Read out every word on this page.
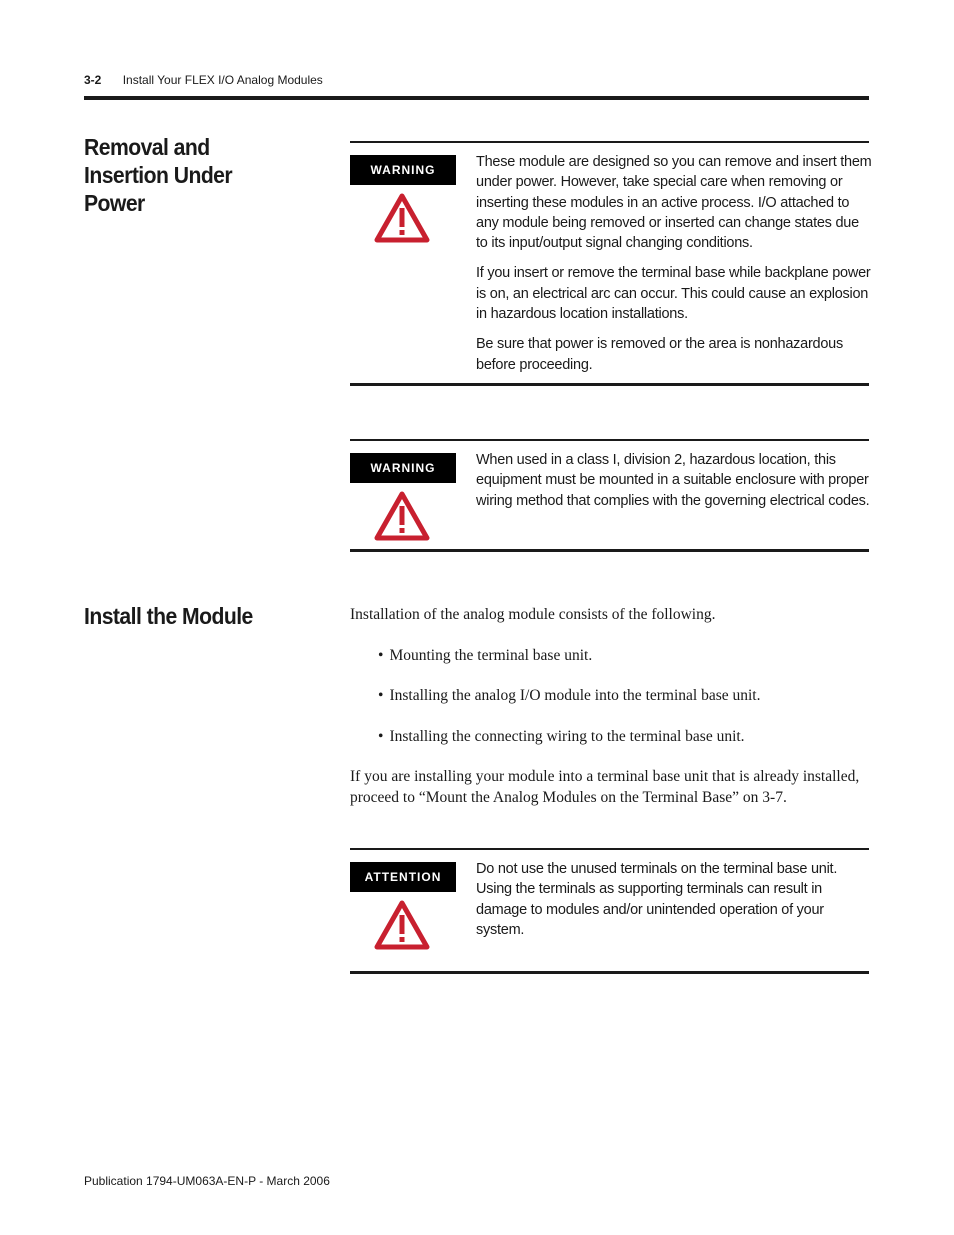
3-2 Install Your FLEX I/O Analog Modules
Removal and Insertion Under Power
WARNING	These module are designed so you can remove and insert them under power. However, take special care when removing or inserting these modules in an active process. I/O attached to any module being removed or inserted can change states due to its input/output signal changing conditions.

If you insert or remove the terminal base while backplane power is on, an electrical arc can occur. This could cause an explosion in hazardous location installations.

Be sure that power is removed or the area is nonhazardous before proceeding.

WARNING	When used in a class I, division 2, hazardous location, this equipment must be mounted in a suitable enclosure with proper wiring method that complies with the governing electrical codes.

Install the Module	Installation of the analog module consists of the following.
• Mounting the terminal base unit.
• Installing the analog I/O module into the terminal base unit.
• Installing the connecting wiring to the terminal base unit.
If you are installing your module into a terminal base unit that is already installed, proceed to “Mount the Analog Modules on the Terminal Base” on 3-7.
ATTENTION	Do not use the unused terminals on the terminal base unit. Using the terminals as supporting terminals can result in damage to modules and/or unintended operation of your system.

Publication 1794-UM063A-EN-P - March 2006
